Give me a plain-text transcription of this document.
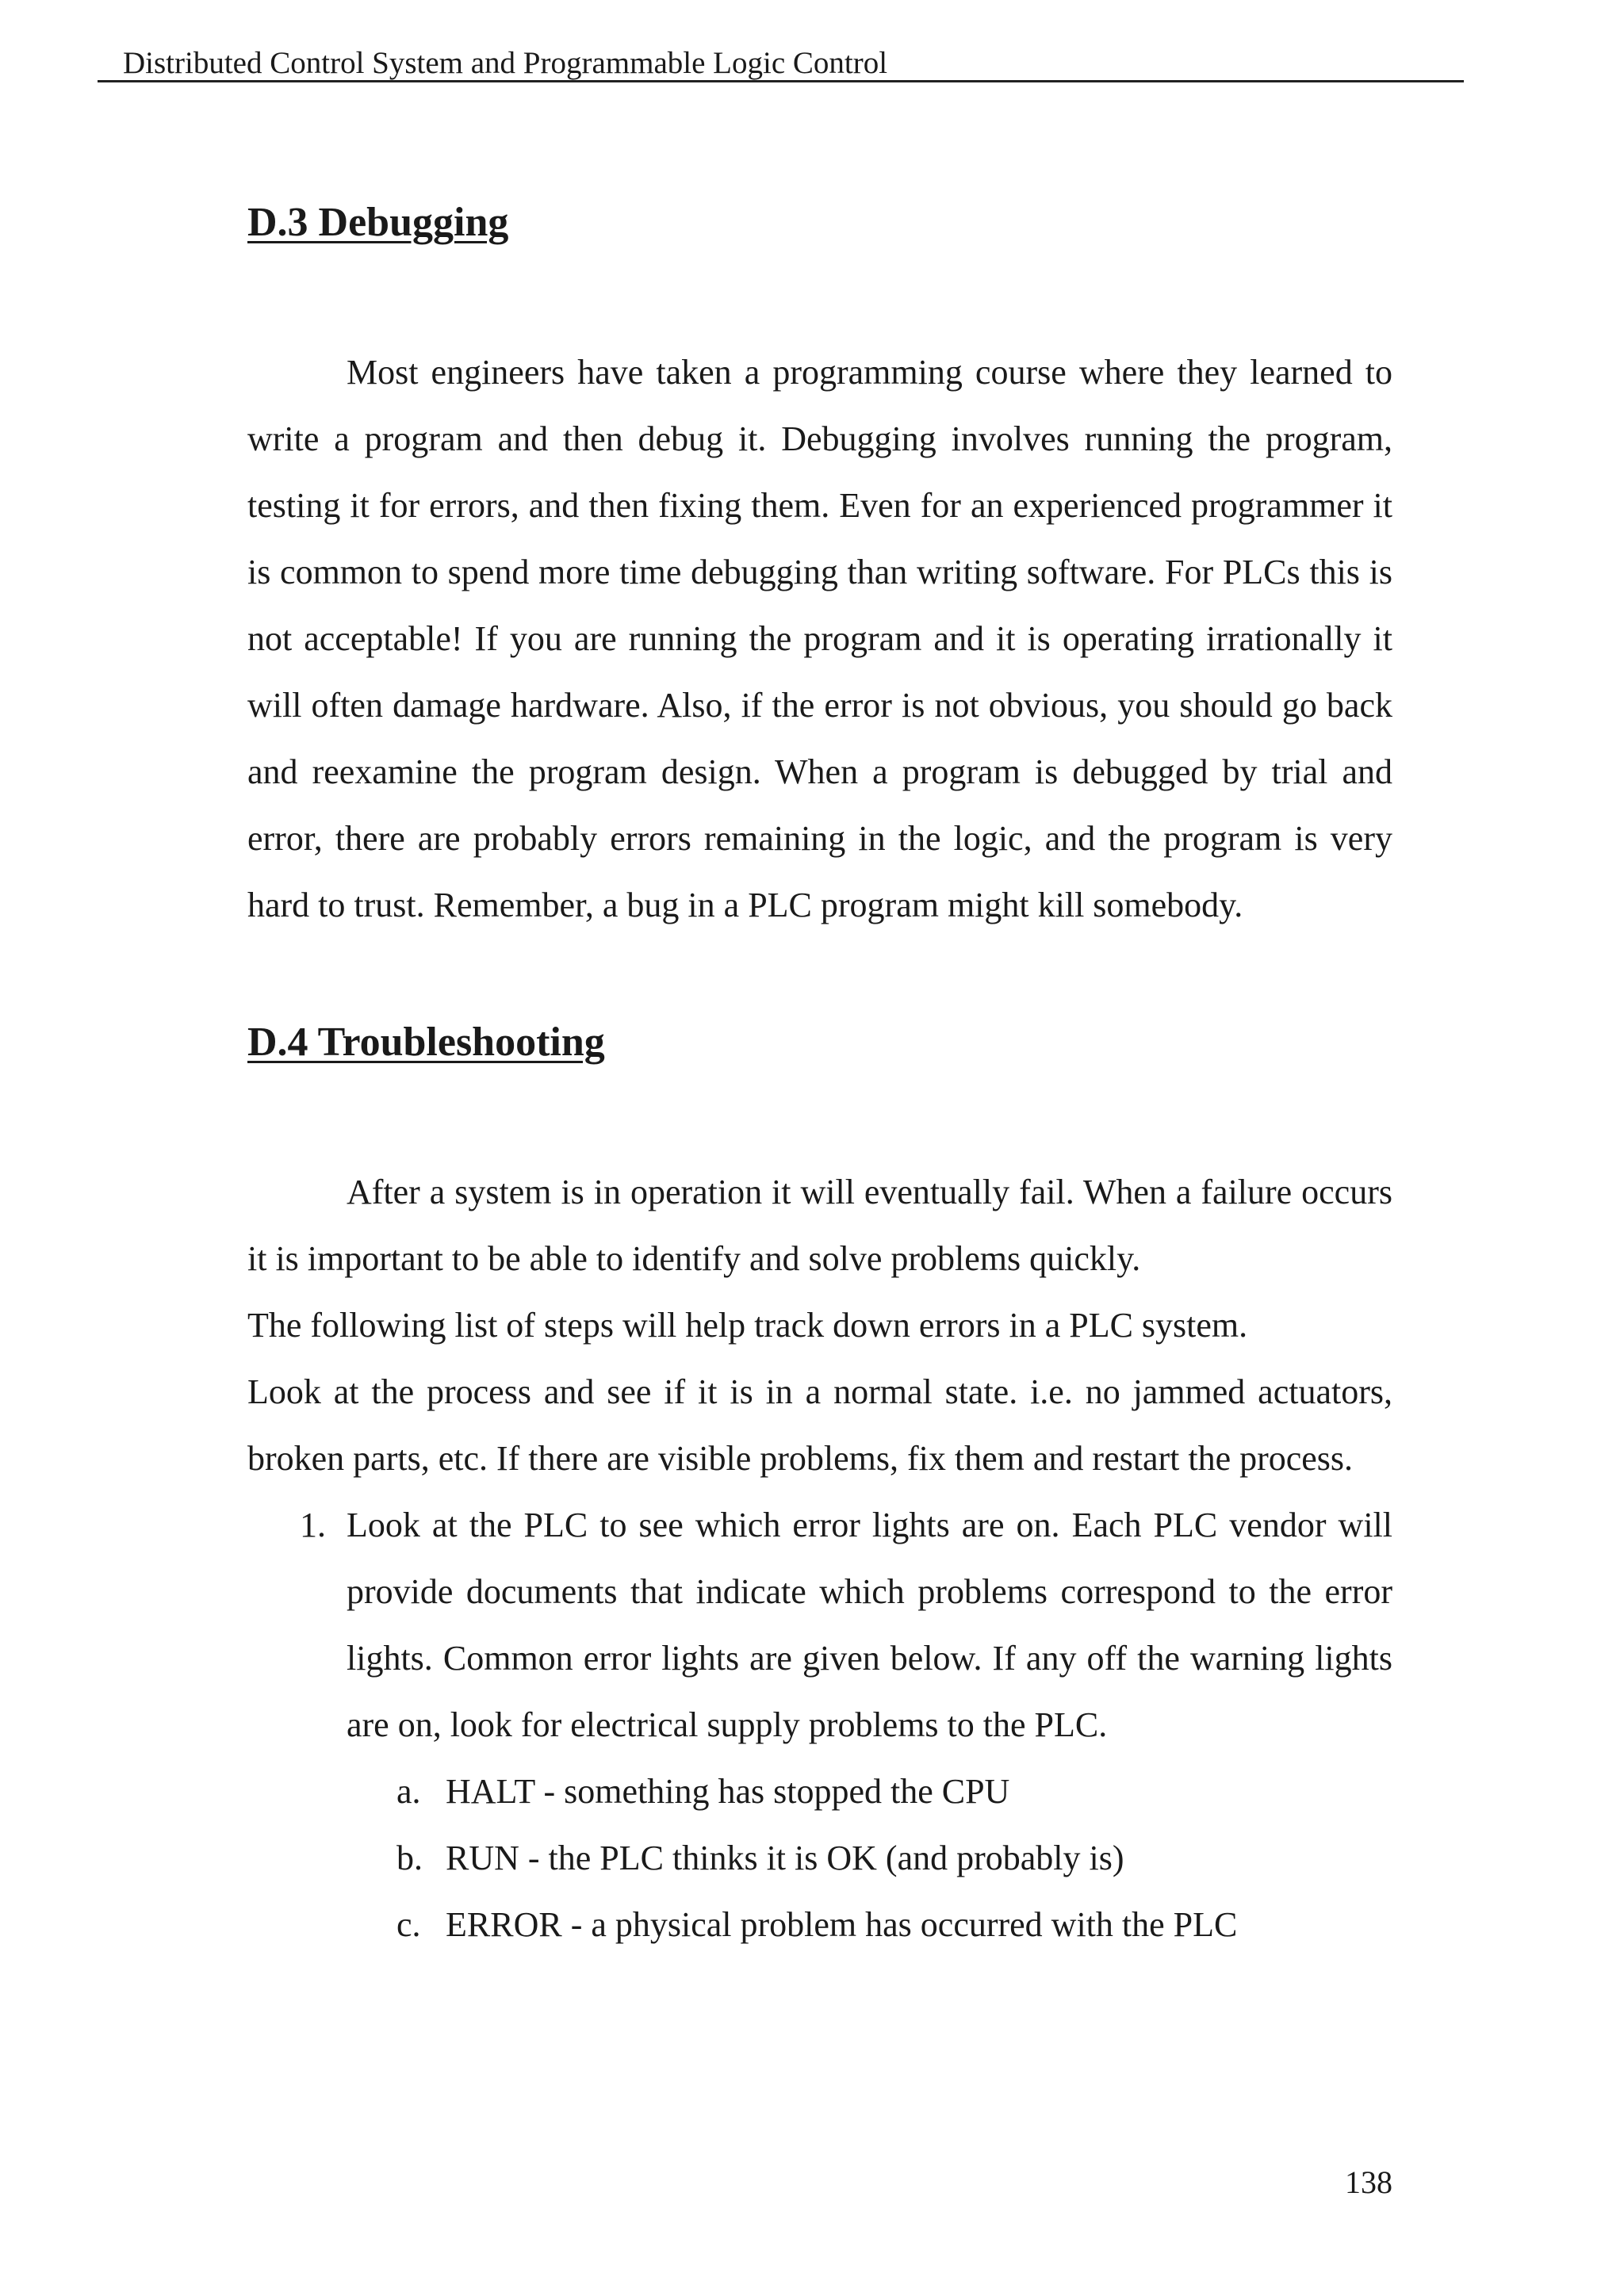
Distributed Control System and Programmable Logic Control
D.3 Debugging

Most engineers have taken a programming course where they learned to write a program and then debug it. Debugging involves running the program, testing it for errors, and then fixing them. Even for an experienced programmer it is common to spend more time debugging than writing software. For PLCs this is not acceptable! If you are running the program and it is operating irrationally it will often damage hardware. Also, if the error is not obvious, you should go back and reexamine the program design. When a program is debugged by trial and error, there are probably errors remaining in the logic, and the program is very hard to trust. Remember, a bug in a PLC program might kill somebody.

D.4 Troubleshooting

After a system is in operation it will eventually fail. When a failure occurs it is important to be able to identify and solve problems quickly.

The following list of steps will help track down errors in a PLC system.

Look at the process and see if it is in a normal state. i.e. no jammed actuators, broken parts, etc. If there are visible problems, fix them and restart the process.

1. Look at the PLC to see which error lights are on. Each PLC vendor will provide documents that indicate which problems correspond to the error lights. Common error lights are given below. If any off the warning lights are on, look for electrical supply problems to the PLC.

a. HALT - something has stopped the CPU
b. RUN - the PLC thinks it is OK (and probably is)
c. ERROR - a physical problem has occurred with the PLC
138
